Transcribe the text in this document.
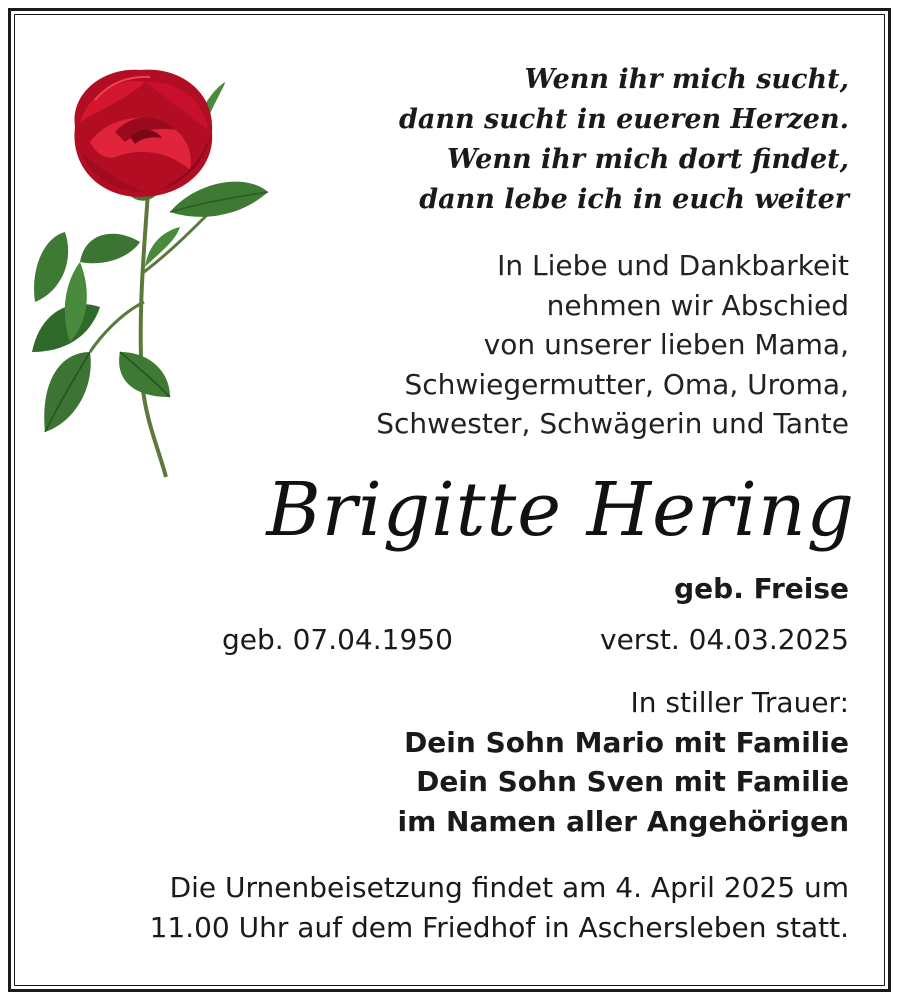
Wenn ihr mich sucht,
dann sucht in eueren Herzen.
Wenn ihr mich dort findet,
dann lebe ich in euch weiter
In Liebe und Dankbarkeit
nehmen wir Abschied
von unserer lieben Mama,
Schwiegermutter, Oma, Uroma,
Schwester, Schwägerin und Tante
Brigitte Hering
geb. Freise
geb. 07.04.1950	verst. 04.03.2025
In stiller Trauer:
Dein Sohn Mario mit Familie
Dein Sohn Sven mit Familie
im Namen aller Angehörigen
Die Urnenbeisetzung findet am 4. April 2025 um
11.00 Uhr auf dem Friedhof in Aschersleben statt.
